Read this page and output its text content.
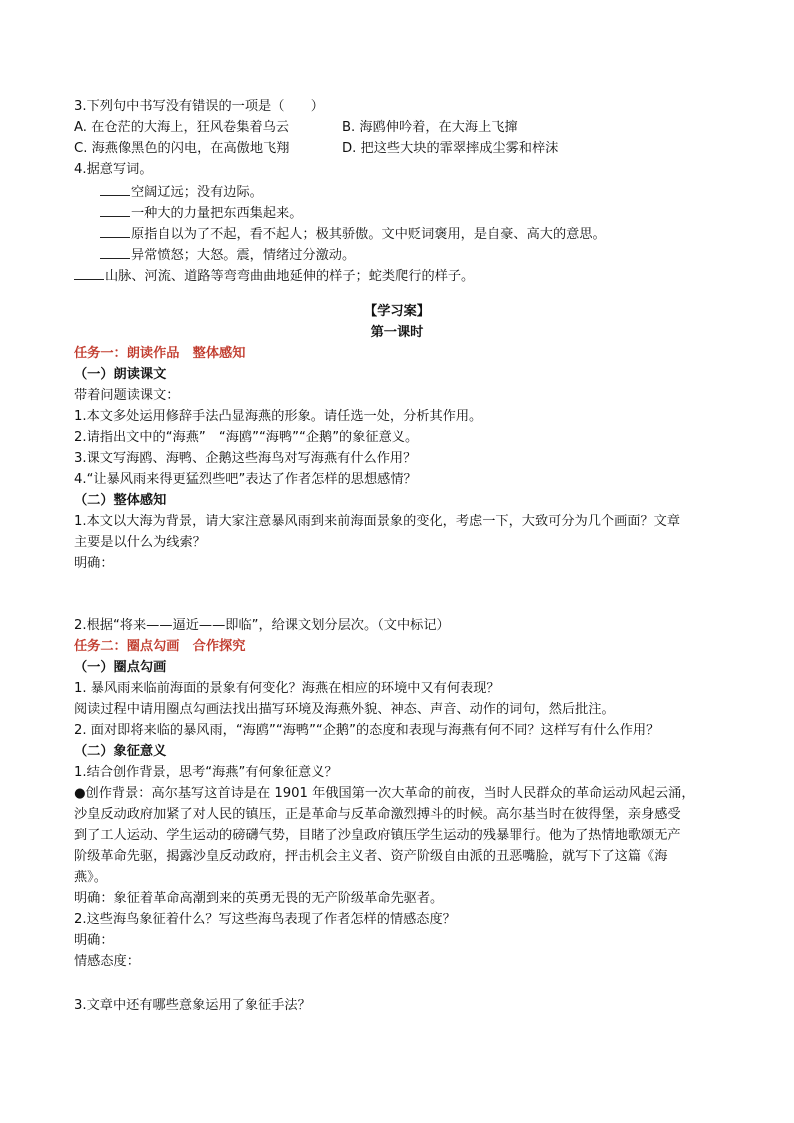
3.下列句中书写没有错误的一项是（　　）
A. 在仓茫的大海上，狂风卷集着乌云	B. 海鸥伸吟着，在大海上飞撺
C. 海燕像黑色的闪电，在高傲地飞翔	D. 把这些大块的霏翠摔成尘雾和梓沫
4.据意写词。
空阔辽远；没有边际。
一种大的力量把东西集起来。
原指自以为了不起，看不起人；极其骄傲。文中贬词褒用，是自豪、高大的意思。
异常愤怒；大怒。震，情绪过分激动。
山脉、河流、道路等弯弯曲曲地延伸的样子；蛇类爬行的样子。
【学习案】
第一课时
任务一：朗读作品　整体感知
（一）朗读课文
带着问题读课文：
1.本文多处运用修辞手法凸显海燕的形象。请任选一处，分析其作用。
2.请指出文中的“海燕”　“海鸥”“海鸭”“企鹅”的象征意义。
3.课文写海鸥、海鸭、企鹅这些海鸟对写海燕有什么作用？
4.“让暴风雨来得更猛烈些吧”表达了作者怎样的思想感情？
（二）整体感知
1.本文以大海为背景，请大家注意暴风雨到来前海面景象的变化，考虑一下，大致可分为几个画面？文章
主要是以什么为线索？
明确：
2.根据“将来——逼近——即临”，给课文划分层次。（文中标记）
任务二：圈点勾画　合作探究
（一）圈点勾画
1. 暴风雨来临前海面的景象有何变化？海燕在相应的环境中又有何表现？
阅读过程中请用圈点勾画法找出描写环境及海燕外貌、神态、声音、动作的词句，然后批注。
2. 面对即将来临的暴风雨，“海鸥”“海鸭”“企鹅”的态度和表现与海燕有何不同？这样写有什么作用？
（二）象征意义
1.结合创作背景，思考“海燕”有何象征意义？
●创作背景：高尔基写这首诗是在 1901 年俄国第一次大革命的前夜，当时人民群众的革命运动风起云涌，
沙皇反动政府加紧了对人民的镇压，正是革命与反革命激烈搏斗的时候。高尔基当时在彼得堡，亲身感受
到了工人运动、学生运动的磅礴气势，目睹了沙皇政府镇压学生运动的残暴罪行。他为了热情地歌颂无产
阶级革命先驱，揭露沙皇反动政府，抨击机会主义者、资产阶级自由派的丑恶嘴脸，就写下了这篇《海
燕》。
明确：象征着革命高潮到来的英勇无畏的无产阶级革命先驱者。
2.这些海鸟象征着什么？写这些海鸟表现了作者怎样的情感态度？
明确：
情感态度：
3.文章中还有哪些意象运用了象征手法？
